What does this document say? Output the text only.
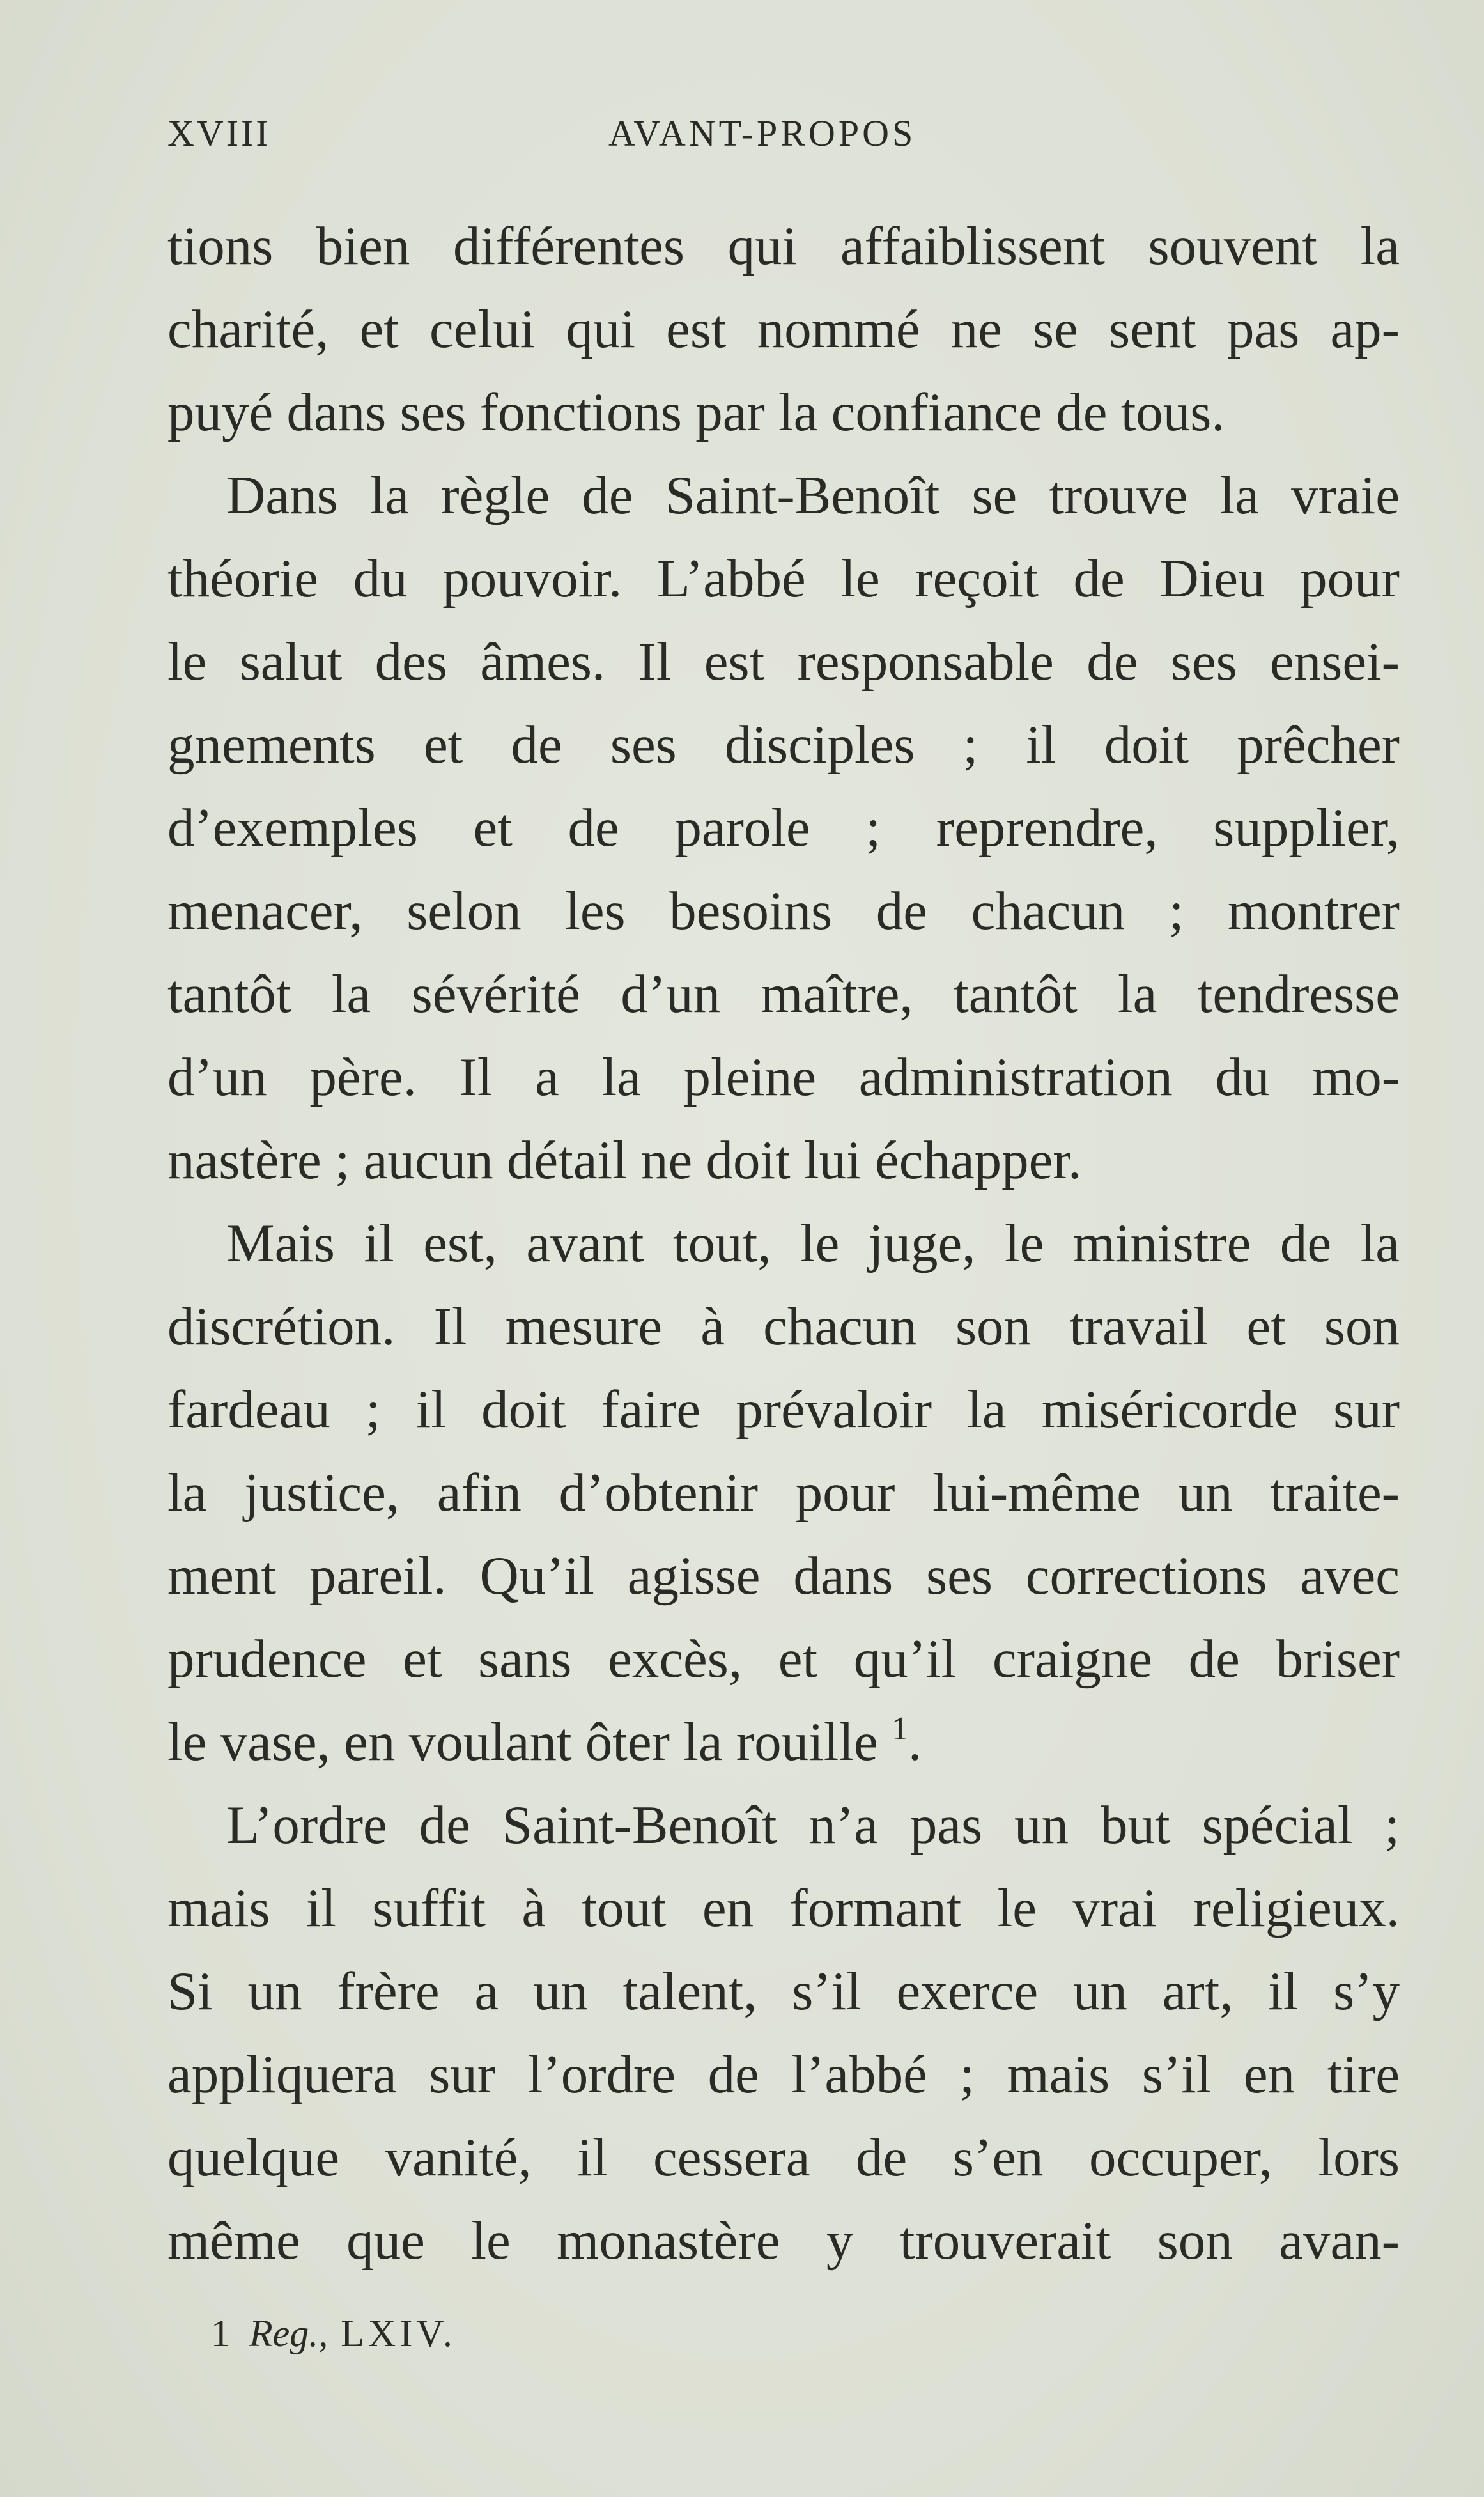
XVIII	AVANT-PROPOS
tions bien différentes qui affaiblissent souvent la
charité, et celui qui est nommé ne se sent pas ap-
puyé dans ses fonctions par la confiance de tous.
Dans la règle de Saint-Benoît se trouve la vraie
théorie du pouvoir. L’abbé le reçoit de Dieu pour
le salut des âmes. Il est responsable de ses ensei-
gnements et de ses disciples ; il doit prêcher
d’exemples et de parole ; reprendre, supplier,
menacer, selon les besoins de chacun ; montrer
tantôt la sévérité d’un maître, tantôt la tendresse
d’un père. Il a la pleine administration du mo-
nastère ; aucun détail ne doit lui échapper.
Mais il est, avant tout, le juge, le ministre de la
discrétion. Il mesure à chacun son travail et son
fardeau ; il doit faire prévaloir la miséricorde sur
la justice, afin d’obtenir pour lui-même un traite-
ment pareil. Qu’il agisse dans ses corrections avec
prudence et sans excès, et qu’il craigne de briser
le vase, en voulant ôter la rouille $^1$.
L’ordre de Saint-Benoît n’a pas un but spécial ;
mais il suffit à tout en formant le vrai religieux.
Si un frère a un talent, s’il exerce un art, il s’y
appliquera sur l’ordre de l’abbé ; mais s’il en tire
quelque vanité, il cessera de s’en occuper, lors
même que le monastère y trouverait son avan-
1 Reg., LXIV.
